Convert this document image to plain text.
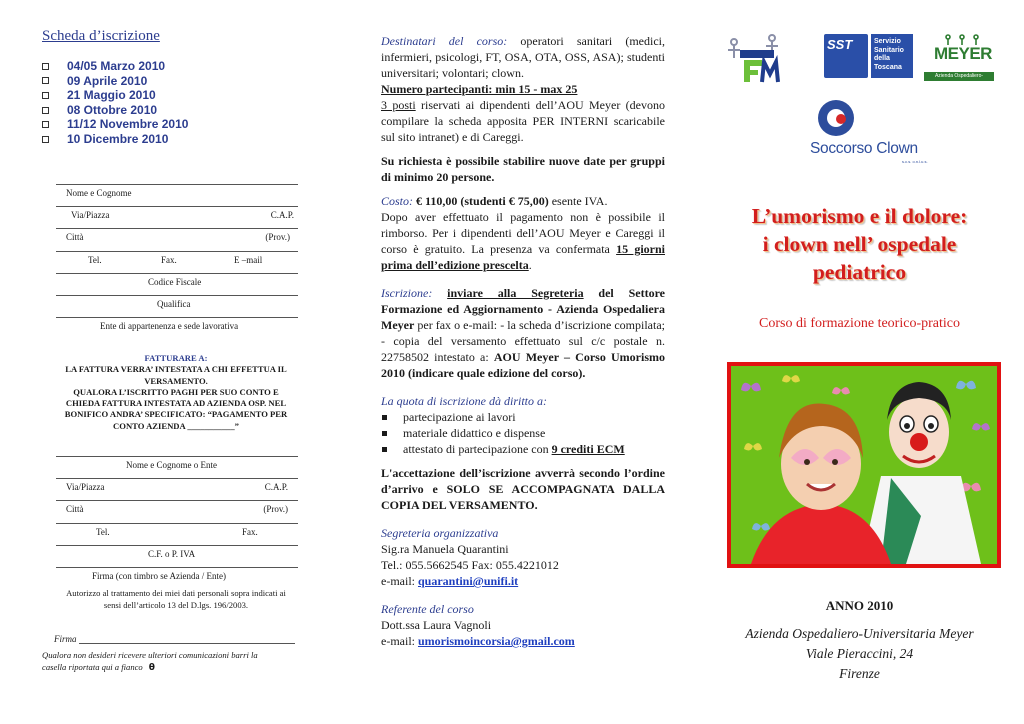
Scheda d’iscrizione
04/05 Marzo 2010
09 Aprile 2010
21 Maggio 2010
08 Ottobre 2010
11/12 Novembre 2010
10 Dicembre 2010
Nome e Cognome
Via/Piazza	C.A.P.
Città	(Prov.)
Tel.	Fax.	E –mail
Codice Fiscale
Qualifica
Ente di appartenenza e sede lavorativa
FATTURARE A:
LA FATTURA VERRA’ INTESTATA A CHI EFFETTUA IL
VERSAMENTO.
QUALORA L’ISCRITTO PAGHI PER SUO CONTO E
CHIEDA FATTURA INTESTATA AD AZIENDA OSP. NEL
BONIFICO ANDRA’ SPECIFICATO: “PAGAMENTO PER
CONTO AZIENDA ___________”
Nome e Cognome o Ente
Via/Piazza	C.A.P.
Città	(Prov.)
Tel.	Fax.
C.F. o P. IVA
Firma (con timbro se Azienda / Ente)
Autorizzo al trattamento dei miei dati personali sopra indicati ai
sensi dell’articolo 13 del D.lgs. 196/2003.
Firma
Qualora non desideri ricevere ulteriori comunicazioni barri la
casella riportata qui a fianco θ

Destinatari del corso: operatori sanitari (medici, infermieri, psicologi, FT, OSA, OTA, OSS, ASA); studenti universitari; volontari; clown.

Numero partecipanti: min 15 - max 25

3 posti riservati ai dipendenti dell’AOU Meyer (devono compilare la scheda apposita PER INTERNI scaricabile sul sito intranet) e di Careggi.

Su richiesta è possibile stabilire nuove date per gruppi di minimo 20 persone.

Costo: € 110,00 (studenti € 75,00) esente IVA.
Dopo aver effettuato il pagamento non è possibile il rimborso. Per i dipendenti dell’AOU Meyer e Careggi il corso è gratuito. La presenza va confermata 15 giorni prima dell’edizione prescelta.

Iscrizione: inviare alla Segreteria del Settore Formazione ed Aggiornamento - Azienda Ospedaliera Meyer per fax o e-mail: - la scheda d’iscrizione compilata; - copia del versamento effettuato sul c/c postale n. 22758502 intestato a: AOU Meyer – Corso Umorismo 2010 (indicare quale edizione del corso).

La quota di iscrizione dà diritto a:

partecipazione ai lavori
materiale didattico e dispense
attestato di partecipazione con 9 crediti ECM

L'accettazione dell’iscrizione avverrà secondo l’ordine d’arrivo e SOLO SE ACCOMPAGNATA DALLA COPIA DEL VERSAMENTO.

Segreteria organizzativa

Sig.ra Manuela Quarantini

Tel.: 055.5662545 Fax: 055.4221012

e-mail: quarantini@unifi.it

Referente del corso

Dott.ssa Laura Vagnoli

e-mail: umorismoincorsia@gmail.com

SST	Servizio Sanitario della Toscana
MEYER
Azienda Ospedaliero-Universitaria
Soccorso Clown
s.c.s. o.n.l.u.s.
L’umorismo e il dolore:
i clown nell’ ospedale
pediatrico
Corso di formazione teorico-pratico
ANNO 2010
Azienda Ospedaliero-Universitaria Meyer
Viale Pieraccini, 24
Firenze
